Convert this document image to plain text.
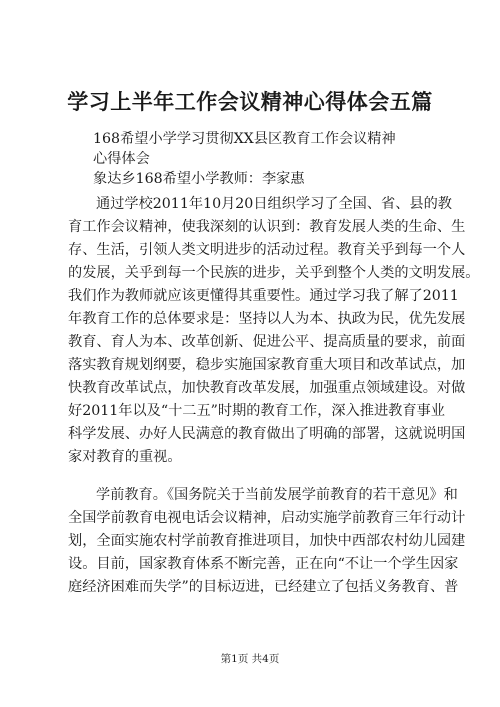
学习上半年工作会议精神心得体会五篇
168希望小学学习贯彻XX县区教育工作会议精神
心得体会
象达乡168希望小学教师：李家惠
通过学校2011年10月20日组织学习了全国、省、县的教
育工作会议精神，使我深刻的认识到：教育发展人类的生命、生
存、生活，引领人类文明进步的活动过程。教育关乎到每一个人
的发展，关乎到每一个民族的进步，关乎到整个人类的文明发展。
我们作为教师就应该更懂得其重要性。通过学习我了解了2011
年教育工作的总体要求是：坚持以人为本、执政为民，优先发展
教育、育人为本、改革创新、促进公平、提高质量的要求，前面
落实教育规划纲要，稳步实施国家教育重大项目和改革试点，加
快教育改革试点，加快教育改革发展，加强重点领域建设。对做
好2011年以及“十二五”时期的教育工作，深入推进教育事业
科学发展、办好人民满意的教育做出了明确的部署，这就说明国
家对教育的重视。
学前教育。《国务院关于当前发展学前教育的若干意见》和
全国学前教育电视电话会议精神，启动实施学前教育三年行动计
划，全面实施农村学前教育推进项目，加快中西部农村幼儿园建
设。目前，国家教育体系不断完善，正在向“不让一个学生因家
庭经济困难而失学”的目标迈进，已经建立了包括义务教育、普
第1页 共4页
